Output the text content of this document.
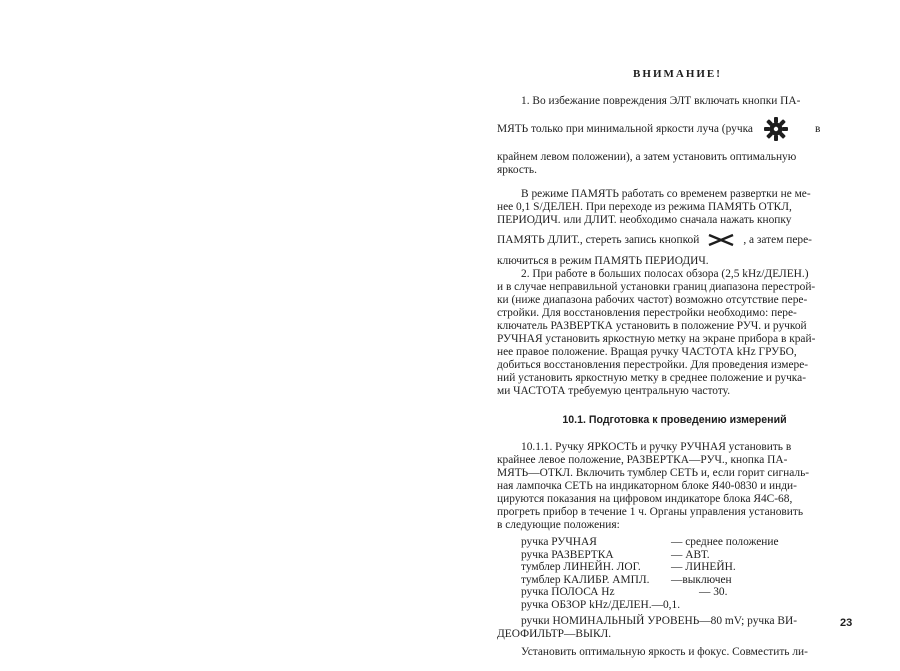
ВНИМАНИЕ!

1. Во избежание повреждения ЭЛТ включать кнопки ПА-

МЯТЬ только при минимальной яркости луча (ручка	в

крайнем левом положении), а затем установить оптимальную

яркость.

В режиме ПАМЯТЬ работать со временем развертки не ме-

нее 0,1 S/ДЕЛЕН. При переходе из режима ПАМЯТЬ ОТКЛ,

ПЕРИОДИЧ. или ДЛИТ. необходимо сначала нажать кнопку

ПАМЯТЬ ДЛИТ., стереть запись кнопкой	, а затем пере-

ключиться в режим ПАМЯТЬ ПЕРИОДИЧ.

2. При работе в больших полосах обзора (2,5 kHz/ДЕЛЕН.)

и в случае неправильной установки границ диапазона перестрой-

ки (ниже диапазона рабочих частот) возможно отсутствие пере-

стройки. Для восстановления перестройки необходимо: пере-

ключатель РАЗВЕРТКА установить в положение РУЧ. и ручкой

РУЧНАЯ установить яркостную метку на экране прибора в край-

нее правое положение. Вращая ручку ЧАСТОТА kHz ГРУБО,

добиться восстановления перестройки. Для проведения измере-

ний установить яркостную метку в среднее положение и ручка-

ми ЧАСТОТА требуемую центральную частоту.

10.1. Подготовка к проведению измерений

10.1.1. Ручку ЯРКОСТЬ и ручку РУЧНАЯ установить в

крайнее левое положение, РАЗВЕРТКА—РУЧ., кнопка ПА-

МЯТЬ—ОТКЛ. Включить тумблер СЕТЬ и, если горит сигналь-

ная лампочка СЕТЬ на индикаторном блоке Я40-0830 и инди-

цируются показания на цифровом индикаторе блока Я4С-68,

прогреть прибор в течение 1 ч. Органы управления установить

в следующие положения:

ручка РУЧНАЯ	— среднее положение
ручка РАЗВЕРТКА	— АВТ.
тумблер ЛИНЕЙН. ЛОГ.	— ЛИНЕЙН.
тумблер КАЛИБР. АМПЛ.	—выключен
ручка ПОЛОСА Hz	— 30.
ручка ОБЗОР kHz/ДЕЛЕН. —0,1.

ручки НОМИНАЛЬНЫЙ УРОВЕНЬ—80 mV; ручка ВИ-

ДЕОФИЛЬТР—ВЫКЛ.

Установить оптимальную яркость и фокус. Совместить ли-

23
